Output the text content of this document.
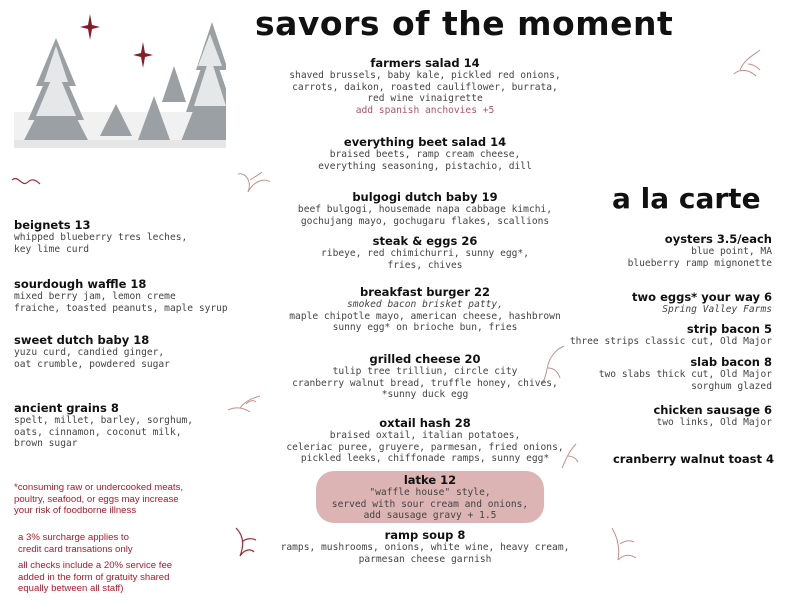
savors of the moment
a la carte
farmers salad 14
shaved brussels, baby kale, pickled red onions,
carrots, daikon, roasted cauliflower, burrata,
red wine vinaigrette
add spanish anchovies +5
everything beet salad 14
braised beets, ramp cream cheese,
everything seasoning, pistachio, dill
bulgogi dutch baby 19
beef bulgogi, housemade napa cabbage kimchi,
gochujang mayo, gochugaru flakes, scallions
steak & eggs 26
ribeye, red chimichurri, sunny egg*,
fries, chives
breakfast burger 22
smoked bacon brisket patty,
maple chipotle mayo, american cheese, hashbrown
sunny egg* on brioche bun, fries
grilled cheese 20
tulip tree trilliun, circle city
cranberry walnut bread, truffle honey, chives,
*sunny duck egg
oxtail hash 28
braised oxtail, italian potatoes,
celeriac puree, gruyere, parmesan, fried onions,
pickled leeks, chiffonade ramps, sunny egg*
latke 12
"waffle house" style,
served with sour cream and onions,
add sausage gravy + 1.5
ramp soup 8
ramps, mushrooms, onions, white wine, heavy cream,
parmesan cheese garnish
beignets 13
whipped blueberry tres leches,
key lime curd
sourdough waffle 18
mixed berry jam, lemon creme
fraiche, toasted peanuts, maple syrup
sweet dutch baby 18
yuzu curd, candied ginger,
oat crumble, powdered sugar
ancient grains 8
spelt, millet, barley, sorghum,
oats, cinnamon, coconut milk,
brown sugar
*consuming raw or undercooked meats,
poultry, seafood, or eggs may increase
your risk of foodborne illness
a 3% surcharge applies to
credit card transations only
all checks include a 20% service fee
added in the form of gratuity shared
equally between all staff)
oysters 3.5/each
blue point, MA
blueberry ramp mignonette
two eggs* your way 6
Spring Valley Farms
strip bacon 5
three strips classic cut, Old Major
slab bacon 8
two slabs thick cut, Old Major
sorghum glazed
chicken sausage 6
two links, Old Major
cranberry walnut toast 4
